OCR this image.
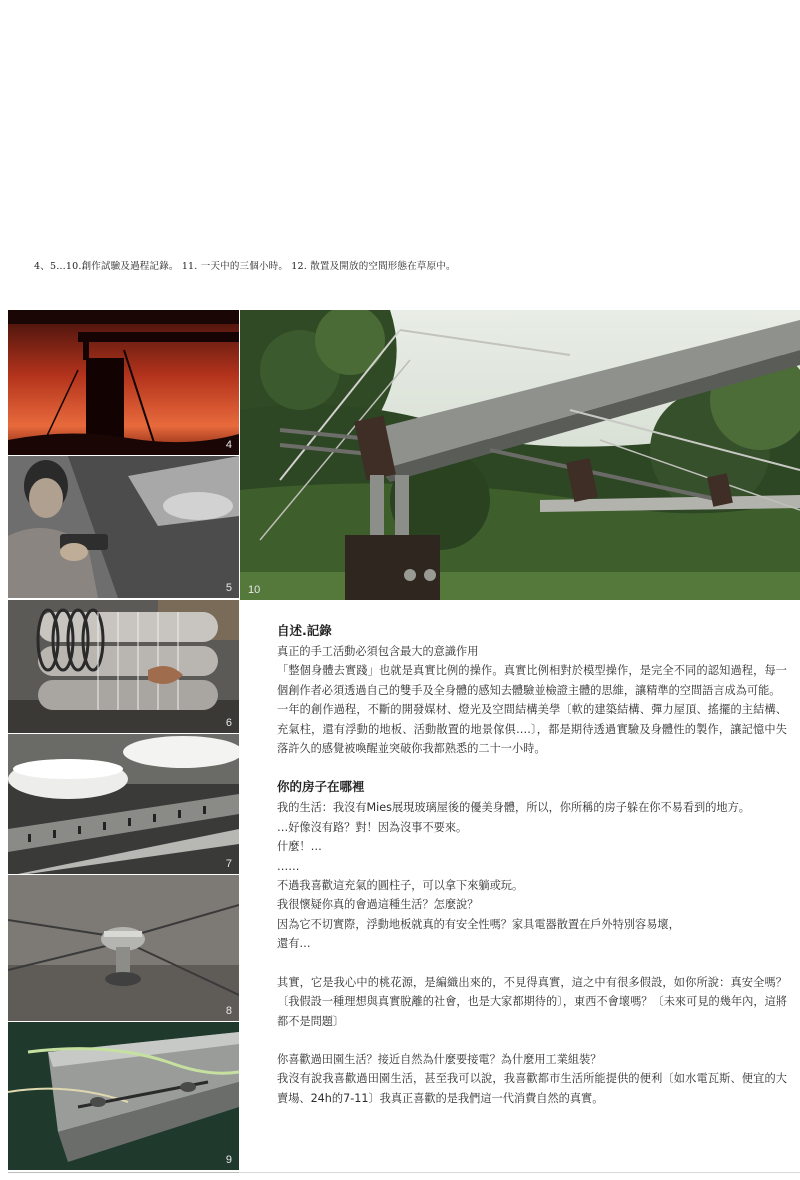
4、5…10.創作試驗及過程記錄。 11. 一天中的三個小時。 12. 散置及開放的空間形態在草原中。
4
5 10
6
7
8
9
自述.記錄

真正的手工活動必須包含最大的意識作用

「整個身體去實踐」也就是真實比例的操作。真實比例相對於模型操作，是完全不同的認知過程，每一個創作者必須透過自己的雙手及全身體的感知去體驗並檢證主體的思維，讓精準的空間語言成為可能。

一年的創作過程，不斷的開發媒材、燈光及空間結構美學〔軟的建築結構、彈力屋頂、搖擺的主結構、充氣柱，還有浮動的地板、活動散置的地景傢俱….〕，都是期待透過實驗及身體性的製作，讓記憶中失落許久的感覺被喚醒並突破你我都熟悉的二十一小時。

你的房子在哪裡

我的生活：我沒有Mies展現玻璃屋後的優美身體，所以，你所稱的房子躲在你不易看到的地方。

…好像沒有路？對！因為沒事不要來。

什麼！…

……

不過我喜歡這充氣的圓柱子，可以拿下來躺或玩。

我很懷疑你真的會過這種生活？怎麼說？

因為它不切實際，浮動地板就真的有安全性嗎？家具電器散置在戶外特別容易壞，

還有…

其實，它是我心中的桃花源，是編織出來的，不見得真實，這之中有很多假設，如你所說：真安全嗎？〔我假設一種理想與真實脫離的社會，也是大家都期待的〕，東西不會壞嗎？〔未來可見的幾年內，這將都不是問題〕

你喜歡過田園生活？接近自然為什麼要接電？為什麼用工業組裝？

我沒有說我喜歡過田園生活，甚至我可以說，我喜歡都市生活所能提供的便利〔如水電瓦斯、便宜的大賣場、24h的7-11〕我真正喜歡的是我們這一代消費自然的真實。
